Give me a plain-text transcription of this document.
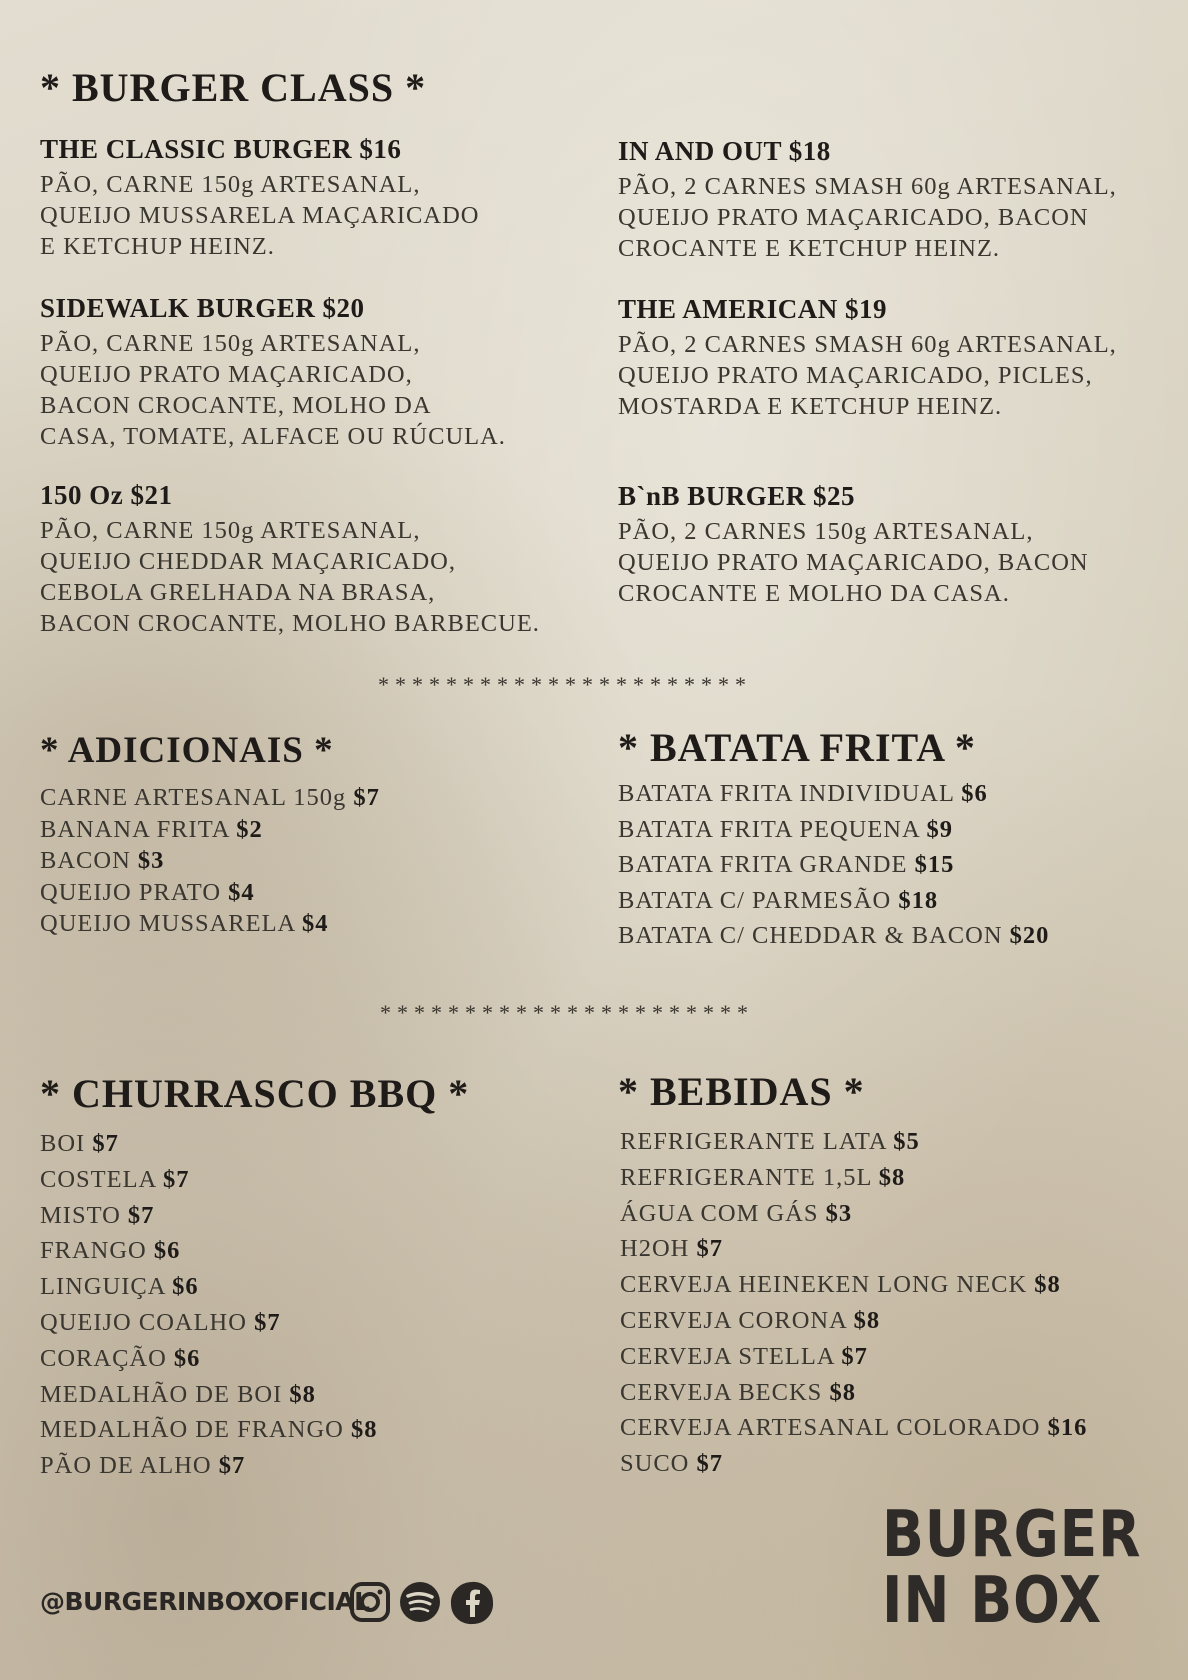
* BURGER CLASS *
THE CLASSIC BURGER $16
PÃO, CARNE 150g ARTESANAL,
QUEIJO MUSSARELA MAÇARICADO
E KETCHUP HEINZ.
IN AND OUT $18
PÃO, 2 CARNES SMASH 60g ARTESANAL,
QUEIJO PRATO MAÇARICADO, BACON
CROCANTE E KETCHUP HEINZ.
SIDEWALK BURGER $20
PÃO, CARNE 150g ARTESANAL,
QUEIJO PRATO MAÇARICADO,
BACON CROCANTE, MOLHO DA
CASA, TOMATE, ALFACE OU RÚCULA.
THE AMERICAN $19
PÃO, 2 CARNES SMASH 60g ARTESANAL,
QUEIJO PRATO MAÇARICADO, PICLES,
MOSTARDA E KETCHUP HEINZ.
150 Oz $21
PÃO, CARNE 150g ARTESANAL,
QUEIJO CHEDDAR MAÇARICADO,
CEBOLA GRELHADA NA BRASA,
BACON CROCANTE, MOLHO BARBECUE.
B`nB BURGER $25
PÃO, 2 CARNES 150g ARTESANAL,
QUEIJO PRATO MAÇARICADO, BACON
CROCANTE E MOLHO DA CASA.
**********************
* ADICIONAIS *
CARNE ARTESANAL 150g $7
BANANA FRITA $2
BACON $3
QUEIJO PRATO $4
QUEIJO MUSSARELA $4
* BATATA FRITA *
BATATA FRITA INDIVIDUAL $6
BATATA FRITA PEQUENA $9
BATATA FRITA GRANDE $15
BATATA C/ PARMESÃO $18
BATATA C/ CHEDDAR & BACON $20
**********************
* CHURRASCO BBQ *
BOI $7
COSTELA $7
MISTO $7
FRANGO $6
LINGUIÇA $6
QUEIJO COALHO $7
CORAÇÃO $6
MEDALHÃO DE BOI $8
MEDALHÃO DE FRANGO $8
PÃO DE ALHO $7
* BEBIDAS *
REFRIGERANTE LATA $5
REFRIGERANTE 1,5L $8
ÁGUA COM GÁS $3
H2OH $7
CERVEJA HEINEKEN LONG NECK $8
CERVEJA CORONA $8
CERVEJA STELLA $7
CERVEJA BECKS $8
CERVEJA ARTESANAL COLORADO $16
SUCO $7
@BURGERINBOXOFICIAL
BURGER
IN BOX
